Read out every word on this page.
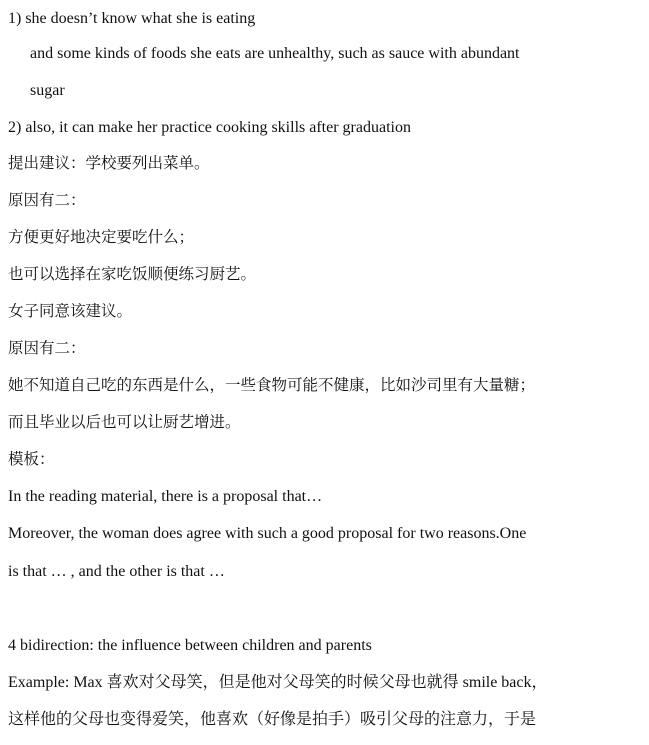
1) she doesn’t know what she is eating
and some kinds of foods she eats are unhealthy, such as sauce with abundant
sugar
2) also, it can make her practice cooking skills after graduation
提出建议：学校要列出菜单。
原因有二：
方便更好地决定要吃什么；
也可以选择在家吃饭顺便练习厨艺。
女子同意该建议。
原因有二：
她不知道自己吃的东西是什么，一些食物可能不健康，比如沙司里有大量糖；
而且毕业以后也可以让厨艺增进。
模板：
In the reading material, there is a proposal that…
Moreover, the woman does agree with such a good proposal for two reasons.One
is that … , and the other is that …
4 bidirection: the influence between children and parents
Example: Max 喜欢对父母笑，但是他对父母笑的时候父母也就得 smile back，
这样他的父母也变得爱笑，他喜欢（好像是拍手）吸引父母的注意力，于是
